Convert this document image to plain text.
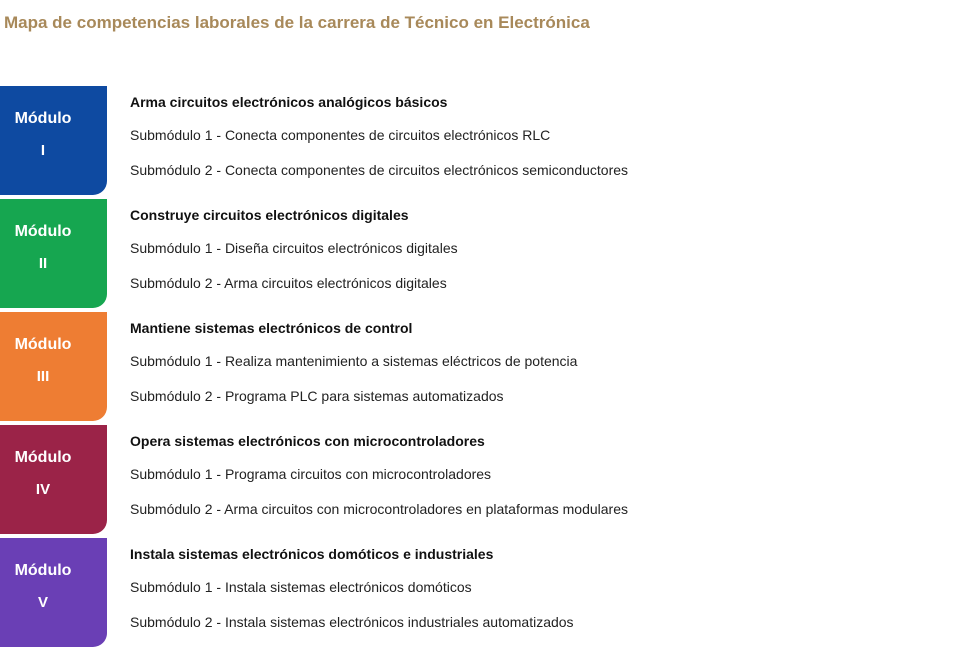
Mapa de competencias laborales de la carrera de Técnico en Electrónica
Módulo
I
Arma circuitos electrónicos analógicos básicos
Submódulo 1 - Conecta componentes de circuitos electrónicos RLC
Submódulo 2 - Conecta componentes de circuitos electrónicos semiconductores
Módulo
II
Construye circuitos electrónicos digitales
Submódulo 1 - Diseña circuitos electrónicos digitales
Submódulo 2 - Arma circuitos electrónicos digitales
Módulo
III
Mantiene sistemas electrónicos de control
Submódulo 1 - Realiza mantenimiento a sistemas eléctricos de potencia
Submódulo 2 - Programa PLC para sistemas automatizados
Módulo
IV
Opera sistemas electrónicos con microcontroladores
Submódulo 1 - Programa circuitos con microcontroladores
Submódulo 2 - Arma circuitos con microcontroladores en plataformas modulares
Módulo
V
Instala sistemas electrónicos domóticos e industriales
Submódulo 1 - Instala sistemas electrónicos domóticos
Submódulo 2 - Instala sistemas electrónicos industriales automatizados
